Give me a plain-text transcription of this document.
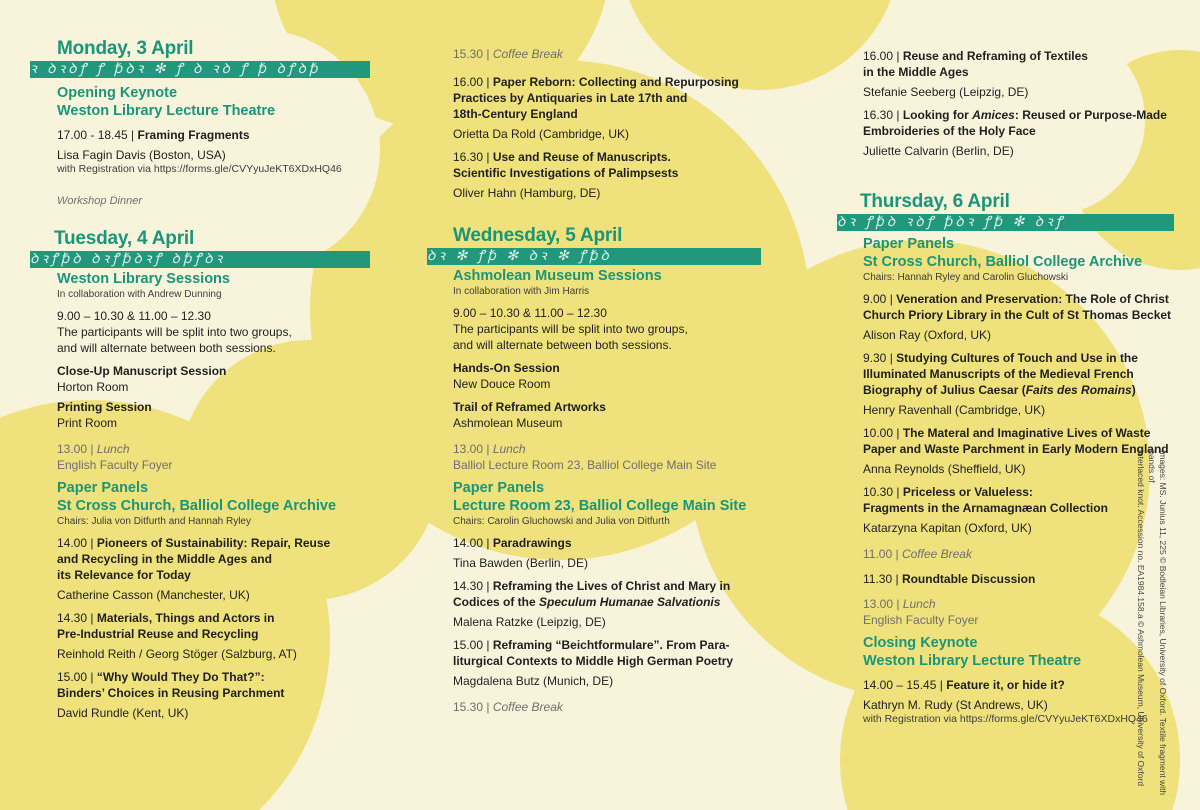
Monday, 3 April
ꝛ ꝺꝛꝺꝭ ꝭ ꝥꝺꝛ ✻ ꝭ ꝺ ꝛꝺ ꝭ ꝥ ꝺꝭꝺꝥ
Opening Keynote
Weston Library Lecture Theatre
17.00 - 18.45 | Framing Fragments
Lisa Fagin Davis (Boston, USA)
with Registration via https://forms.gle/CVYyuJeKT6XDxHQ46
Workshop Dinner
Tuesday, 4 April
ꝺꝛꝭꝥꝺ ꝺꝛꝭꝥꝺꝛꝭ ꝺꝥꝭꝺꝛ
Weston Library Sessions
In collaboration with Andrew Dunning
9.00 – 10.30 & 11.00 – 12.30
The participants will be split into two groups,
and will alternate between both sessions.
Close-Up Manuscript Session
Horton Room
Printing Session
Print Room
13.00 | Lunch
English Faculty Foyer
Paper Panels
St Cross Church, Balliol College Archive
Chairs: Julia von Ditfurth and Hannah Ryley
14.00 | Pioneers of Sustainability: Repair, Reuse
and Recycling in the Middle Ages and
its Relevance for Today
Catherine Casson (Manchester, UK)
14.30 | Materials, Things and Actors in
Pre-Industrial Reuse and Recycling
Reinhold Reith / Georg Stöger (Salzburg, AT)
15.00 | “Why Would They Do That?”:
Binders’ Choices in Reusing Parchment
David Rundle (Kent, UK)
15.30 | Coffee Break
16.00 | Paper Reborn: Collecting and Repurposing
Practices by Antiquaries in Late 17th and
18th-Century England
Orietta Da Rold (Cambridge, UK)
16.30 | Use and Reuse of Manuscripts.
Scientific Investigations of Palimpsests
Oliver Hahn (Hamburg, DE)
Wednesday, 5 April
ꝺꝛ ✻ ꝭꝥ ✻ ꝺꝛ ✻ ꝭꝥꝺ
Ashmolean Museum Sessions
In collaboration with Jim Harris
9.00 – 10.30 & 11.00 – 12.30
The participants will be split into two groups,
and will alternate between both sessions.
Hands-On Session
New Douce Room
Trail of Reframed Artworks
Ashmolean Museum
13.00 | Lunch
Balliol Lecture Room 23, Balliol College Main Site
Paper Panels
Lecture Room 23, Balliol College Main Site
Chairs: Carolin Gluchowski and Julia von Ditfurth
14.00 | Paradrawings
Tina Bawden (Berlin, DE)
14.30 | Reframing the Lives of Christ and Mary in
Codices of the Speculum Humanae Salvationis
Malena Ratzke (Leipzig, DE)
15.00 | Reframing “Beichtformulare”. From Para-
liturgical Contexts to Middle High German Poetry
Magdalena Butz (Munich, DE)
15.30 | Coffee Break
16.00 | Reuse and Reframing of Textiles
in the Middle Ages
Stefanie Seeberg (Leipzig, DE)
16.30 | Looking for Amices: Reused or Purpose-Made
Embroideries of the Holy Face
Juliette Calvarin (Berlin, DE)
Thursday, 6 April
ꝺꝛ ꝭꝥꝺ ꝛꝺꝭ ꝥꝺꝛ ꝭꝥ ✻ ꝺꝛꝭ
Paper Panels
St Cross Church, Balliol College Archive
Chairs: Hannah Ryley and Carolin Gluchowski
9.00 | Veneration and Preservation: The Role of Christ
Church Priory Library in the Cult of St Thomas Becket
Alison Ray (Oxford, UK)
9.30 | Studying Cultures of Touch and Use in the
Illuminated Manuscripts of the Medieval French
Biography of Julius Caesar (Faits des Romains)
Henry Ravenhall (Cambridge, UK)
10.00 | The Materal and Imaginative Lives of Waste
Paper and Waste Parchment in Early Modern England
Anna Reynolds (Sheffield, UK)
10.30 | Priceless or Valueless:
Fragments in the Arnamagnæan Collection
Katarzyna Kapitan (Oxford, UK)
11.00 | Coffee Break
11.30 | Roundtable Discussion
13.00 | Lunch
English Faculty Foyer
Closing Keynote
Weston Library Lecture Theatre
14.00 – 15.45 | Feature it, or hide it?
Kathryn M. Rudy (St Andrews, UK)
with Registration via https://forms.gle/CVYyuJeKT6XDxHQ46	Images: MS. Junius 11, 225 © Bodleian Libraries, University of Oxford. Textile fragment with bands of
interlaced knot. Accession no. EA1984.158.a © Ashmolean Museum, University of Oxford
